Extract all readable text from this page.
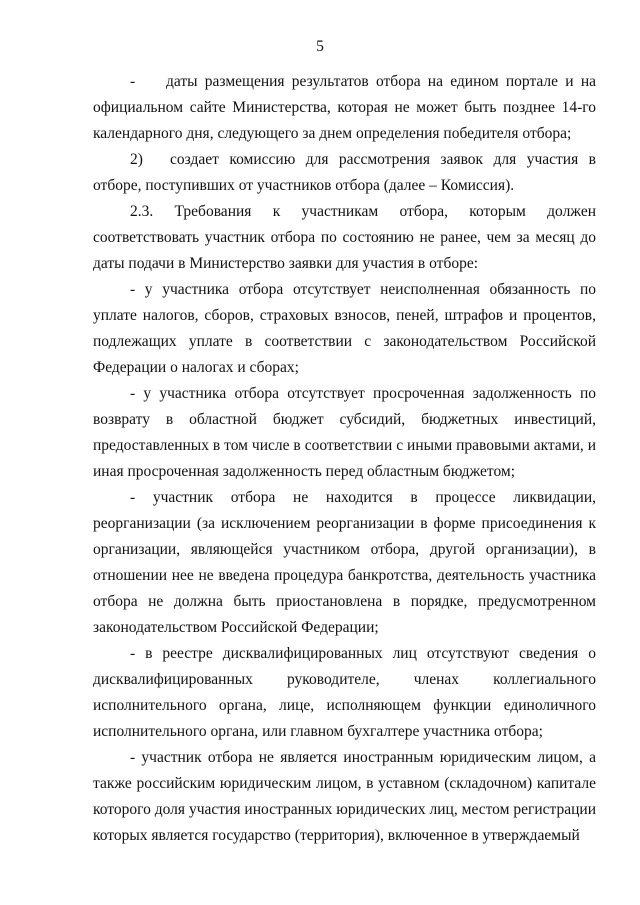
5

- даты размещения результатов отбора на едином портале и на официальном сайте Министерства, которая не может быть позднее 14-го календарного дня, следующего за днем определения победителя отбора;

2) создает комиссию для рассмотрения заявок для участия в отборе, поступивших от участников отбора (далее – Комиссия).

2.3. Требования к участникам отбора, которым должен соответствовать участник отбора по состоянию не ранее, чем за месяц до даты подачи в Министерство заявки для участия в отборе:

- у участника отбора отсутствует неисполненная обязанность по уплате налогов, сборов, страховых взносов, пеней, штрафов и процентов, подлежащих уплате в соответствии с законодательством Российской Федерации о налогах и сборах;

- у участника отбора отсутствует просроченная задолженность по возврату в областной бюджет субсидий, бюджетных инвестиций, предоставленных в том числе в соответствии с иными правовыми актами, и иная просроченная задолженность перед областным бюджетом;

- участник отбора не находится в процессе ликвидации, реорганизации (за исключением реорганизации в форме присоединения к организации, являющейся участником отбора, другой организации), в отношении нее не введена процедура банкротства, деятельность участника отбора не должна быть приостановлена в порядке, предусмотренном законодательством Российской Федерации;

- в реестре дисквалифицированных лиц отсутствуют сведения о дисквалифицированных руководителе, членах коллегиального исполнительного органа, лице, исполняющем функции единоличного исполнительного органа, или главном бухгалтере участника отбора;

- участник отбора не является иностранным юридическим лицом, а также российским юридическим лицом, в уставном (складочном) капитале которого доля участия иностранных юридических лиц, местом регистрации которых является государство (территория), включенное в утверждаемый
